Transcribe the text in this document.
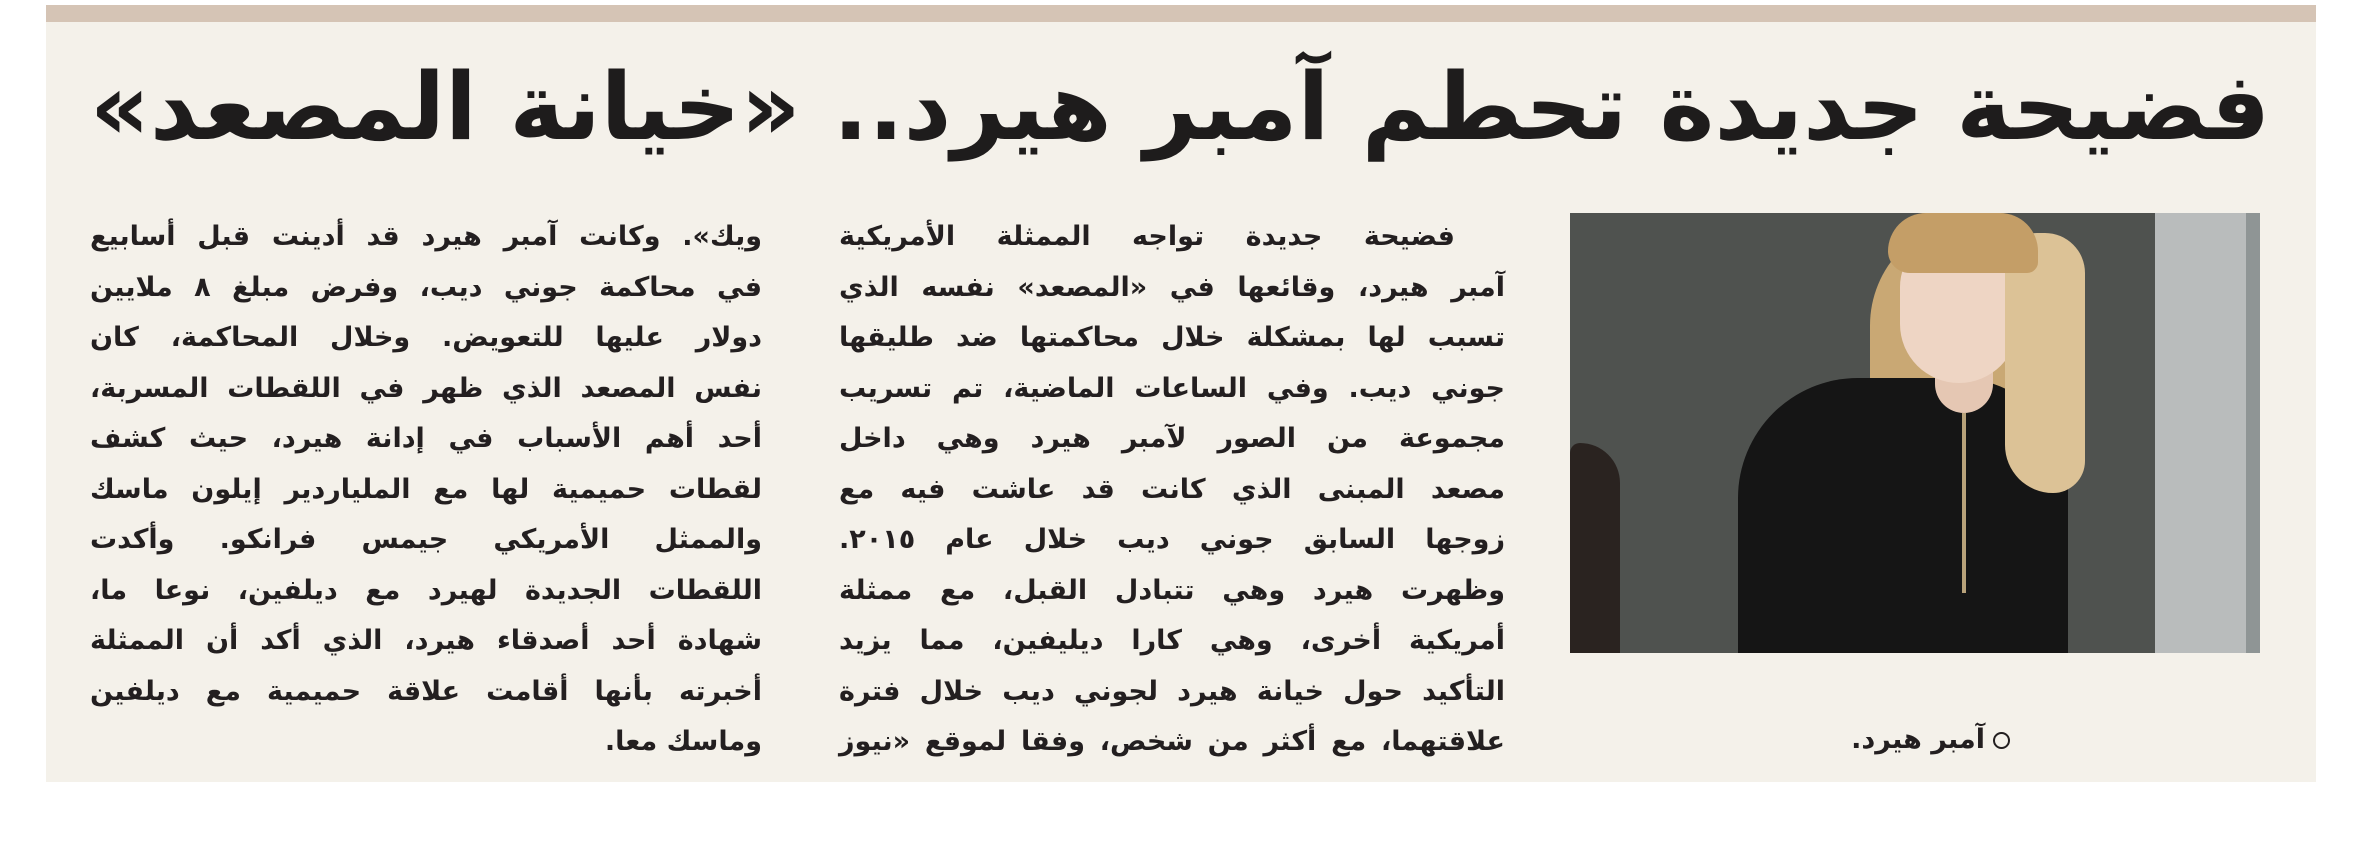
فضيحة جديدة تحطم آمبر هيرد.. «خيانة المصعد»
آمبر هيرد.
فضيحة جديدة تواجه الممثلة الأمريكية
آمبر هيرد، وقائعها في «المصعد» نفسه الذي
تسبب لها بمشكلة خلال محاكمتها ضد طليقها
جوني ديب. وفي الساعات الماضية، تم تسريب
مجموعة من الصور لآمبر هيرد وهي داخل
مصعد المبنى الذي كانت قد عاشت فيه مع
زوجها السابق جوني ديب خلال عام ٢٠١٥.
وظهرت هيرد وهي تتبادل القبل، مع ممثلة
أمريكية أخرى، وهي كارا ديليفين، مما يزيد
التأكيد حول خيانة هيرد لجوني ديب خلال فترة
علاقتهما، مع أكثر من شخص، وفقا لموقع «نيوز
ويك». وكانت آمبر هيرد قد أدينت قبل أسابيع
في محاكمة جوني ديب، وفرض مبلغ ٨ ملايين
دولار عليها للتعويض. وخلال المحاكمة، كان
نفس المصعد الذي ظهر في اللقطات المسربة،
أحد أهم الأسباب في إدانة هيرد، حيث كشف
لقطات حميمية لها مع الملياردير إيلون ماسك
والممثل الأمريكي جيمس فرانكو. وأكدت
اللقطات الجديدة لهيرد مع ديلفين، نوعا ما،
شهادة أحد أصدقاء هيرد، الذي أكد أن الممثلة
أخبرته بأنها أقامت علاقة حميمية مع ديلفين
وماسك معا.
